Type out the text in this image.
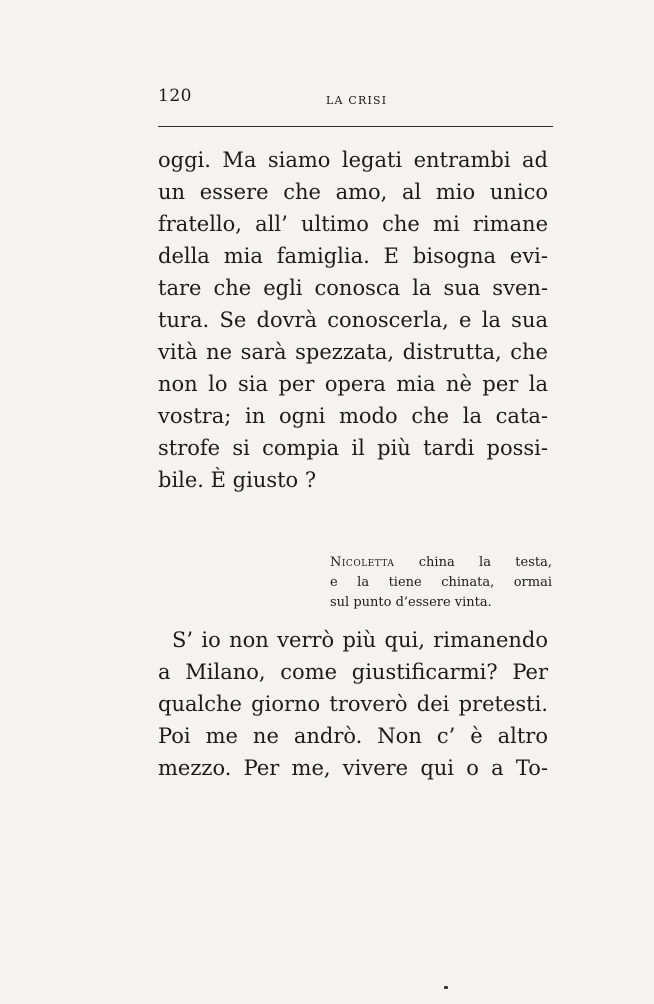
120	LA CRISI
oggi. Ma siamo legati entrambi ad
un essere che amo, al mio unico
fratello, all’ ultimo che mi rimane
della mia famiglia. E bisogna evi-
tare che egli conosca la sua sven-
tura. Se dovrà conoscerla, e la sua
vità ne sarà spezzata, distrutta, che
non lo sia per opera mia nè per la
vostra; in ogni modo che la cata-
strofe si compia il più tardi possi-
bile. È giusto ?
Nicoletta china la testa,
e la tiene chinata, ormai
sul punto d’essere vinta.
S’ io non verrò più qui, rimanendo
a Milano, come giustificarmi? Per
qualche giorno troverò dei pretesti.
Poi me ne andrò. Non c’ è altro
mezzo. Per me, vivere qui o a To-
